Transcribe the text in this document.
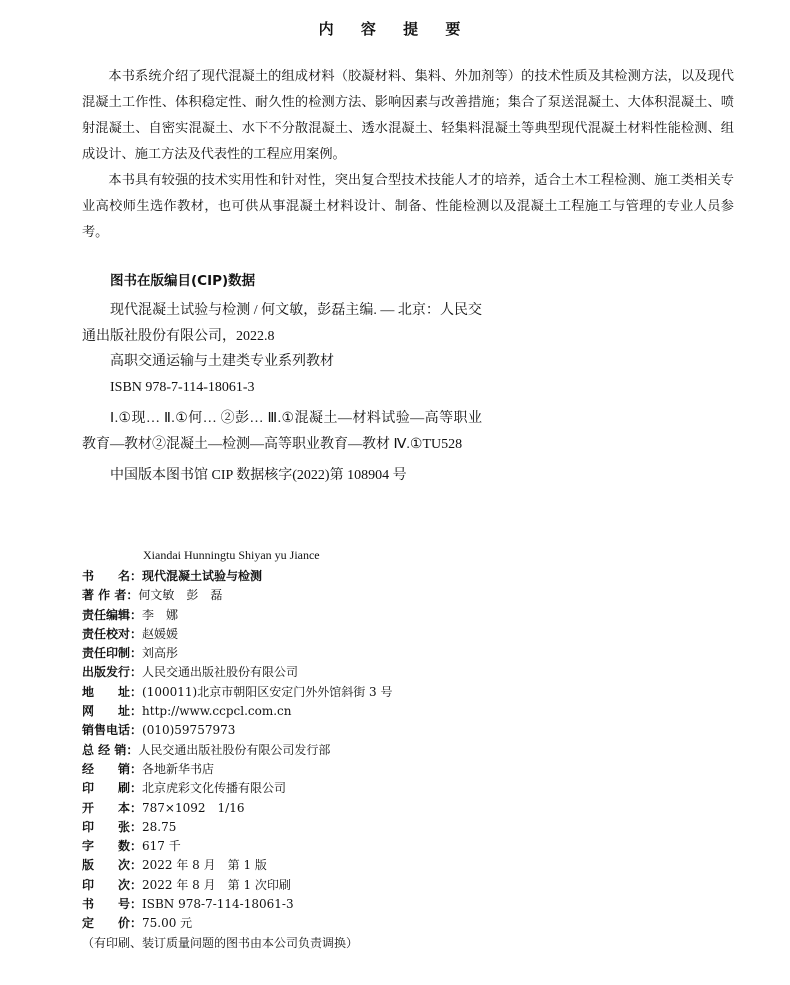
内 容 提 要

本书系统介绍了现代混凝土的组成材料（胶凝材料、集料、外加剂等）的技术性质及其检测方法，以及现代混凝土工作性、体积稳定性、耐久性的检测方法、影响因素与改善措施；集合了泵送混凝土、大体积混凝土、喷射混凝土、自密实混凝土、水下不分散混凝土、透水混凝土、轻集料混凝土等典型现代混凝土材料性能检测、组成设计、施工方法及代表性的工程应用案例。

本书具有较强的技术实用性和针对性，突出复合型技术技能人才的培养，适合土木工程检测、施工类相关专业高校师生选作教材，也可供从事混凝土材料设计、制备、性能检测以及混凝土工程施工与管理的专业人员参考。

图书在版编目(CIP)数据

现代混凝土试验与检测 / 何文敏，彭磊主编. — 北京：人民交通出版社股份有限公司，2022.8

高职交通运输与土建类专业系列教材

ISBN 978-7-114-18061-3

Ⅰ.①现… Ⅱ.①何… ②彭… Ⅲ.①混凝土—材料试验—高等职业教育—教材②混凝土—检测—高等职业教育—教材 Ⅳ.①TU528

中国版本图书馆 CIP 数据核字(2022)第 108904 号

Xiandai Hunningtu Shiyan yu Jiance
书　　名： 现代混凝土试验与检测
著 作 者： 何文敏　彭　磊
责任编辑： 李　娜
责任校对： 赵媛媛
责任印制： 刘高彤
出版发行： 人民交通出版社股份有限公司
地　　址： (100011)北京市朝阳区安定门外外馆斜街 3 号
网　　址： http://www.ccpcl.com.cn
销售电话： (010)59757973
总 经 销： 人民交通出版社股份有限公司发行部
经　　销： 各地新华书店
印　　刷： 北京虎彩文化传播有限公司
开　　本： 787×1092　1/16
印　　张： 28.75
字　　数： 617 千
版　　次： 2022 年 8 月　第 1 版
印　　次： 2022 年 8 月　第 1 次印刷
书　　号： ISBN 978-7-114-18061-3
定　　价： 75.00 元
（有印刷、装订质量问题的图书由本公司负责调换）
